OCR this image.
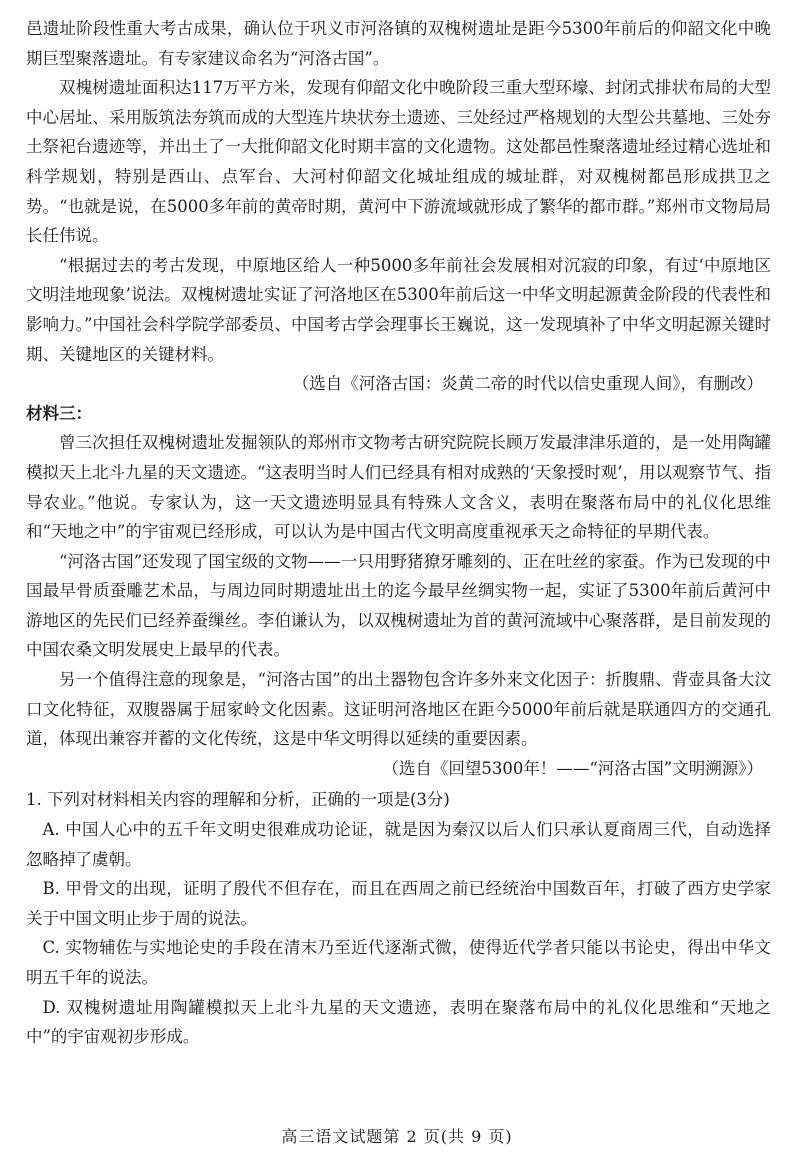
邑遗址阶段性重大考古成果，确认位于巩义市河洛镇的双槐树遗址是距今5300年前后的仰韶文化中晚期巨型聚落遗址。有专家建议命名为“河洛古国”。

双槐树遗址面积达117万平方米，发现有仰韶文化中晚阶段三重大型环壕、封闭式排状布局的大型中心居址、采用版筑法夯筑而成的大型连片块状夯土遗迹、三处经过严格规划的大型公共墓地、三处夯土祭祀台遗迹等，并出土了一大批仰韶文化时期丰富的文化遗物。这处都邑性聚落遗址经过精心选址和科学规划，特别是西山、点军台、大河村仰韶文化城址组成的城址群，对双槐树都邑形成拱卫之势。“也就是说，在5000多年前的黄帝时期，黄河中下游流域就形成了繁华的都市群。”郑州市文物局局长任伟说。

“根据过去的考古发现，中原地区给人一种5000多年前社会发展相对沉寂的印象，有过‘中原地区文明洼地现象’说法。双槐树遗址实证了河洛地区在5300年前后这一中华文明起源黄金阶段的代表性和影响力。”中国社会科学院学部委员、中国考古学会理事长王巍说，这一发现填补了中华文明起源关键时期、关键地区的关键材料。

（选自《河洛古国：炎黄二帝的时代以信史重现人间》，有删改）

材料三：

曾三次担任双槐树遗址发掘领队的郑州市文物考古研究院院长顾万发最津津乐道的，是一处用陶罐模拟天上北斗九星的天文遗迹。“这表明当时人们已经具有相对成熟的‘天象授时观’，用以观察节气、指导农业。”他说。专家认为，这一天文遗迹明显具有特殊人文含义，表明在聚落布局中的礼仪化思维和“天地之中”的宇宙观已经形成，可以认为是中国古代文明高度重视承天之命特征的早期代表。

“河洛古国”还发现了国宝级的文物——一只用野猪獠牙雕刻的、正在吐丝的家蚕。作为已发现的中国最早骨质蚕雕艺术品，与周边同时期遗址出土的迄今最早丝绸实物一起，实证了5300年前后黄河中游地区的先民们已经养蚕缫丝。李伯谦认为，以双槐树遗址为首的黄河流域中心聚落群，是目前发现的中国农桑文明发展史上最早的代表。

另一个值得注意的现象是，“河洛古国”的出土器物包含许多外来文化因子：折腹鼎、背壶具备大汶口文化特征，双腹器属于屈家岭文化因素。这证明河洛地区在距今5000年前后就是联通四方的交通孔道，体现出兼容并蓄的文化传统，这是中华文明得以延续的重要因素。

（选自《回望5300年！——“河洛古国”文明溯源》）

1. 下列对材料相关内容的理解和分析，正确的一项是(3分)

A. 中国人心中的五千年文明史很难成功论证，就是因为秦汉以后人们只承认夏商周三代，自动选择忽略掉了虞朝。

B. 甲骨文的出现，证明了殷代不但存在，而且在西周之前已经统治中国数百年，打破了西方史学家关于中国文明止步于周的说法。

C. 实物辅佐与实地论史的手段在清末乃至近代逐渐式微，使得近代学者只能以书论史，得出中华文明五千年的说法。

D. 双槐树遗址用陶罐模拟天上北斗九星的天文遗迹，表明在聚落布局中的礼仪化思维和“天地之中”的宇宙观初步形成。

高三语文试题第 2 页(共 9 页)
